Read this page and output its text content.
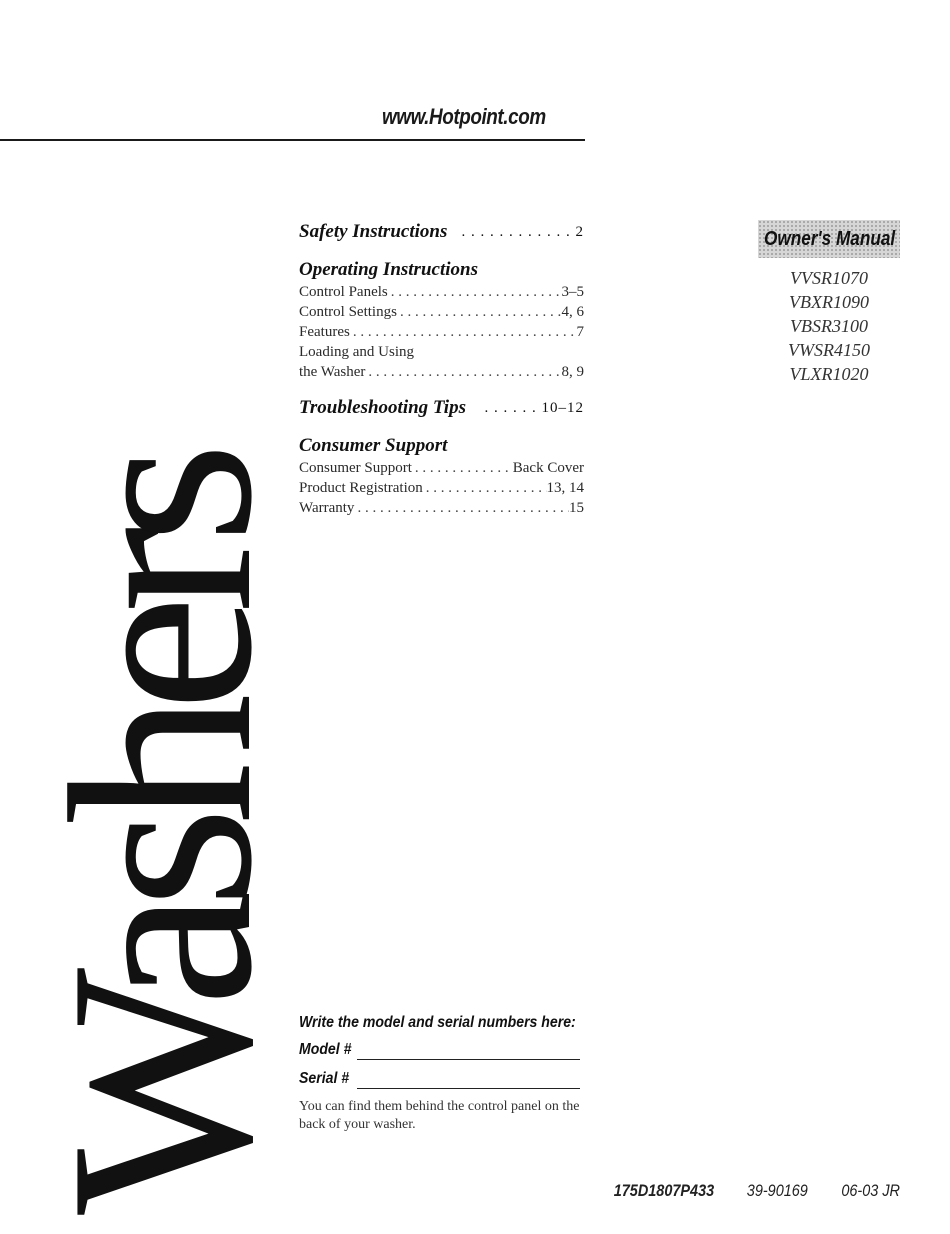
www.Hotpoint.com
Washers
Safety Instructions . . . . . . . . . . . . 2
Operating Instructions
Control Panels . . .	3–5
Control Settings . . .	4, 6
Features . . .	7
Loading and Using
the Washer . . .	8, 9
Troubleshooting Tips . . . . . . 10–12
Consumer Support
Consumer Support . . .	Back Cover
Product Registration . . .	13, 14
Warranty . . .	15
Owner's Manual
VVSR1070
VBXR1090
VBSR3100
VWSR4150
VLXR1020
Write the model and serial numbers here:
Model #
Serial #
You can find them behind the control panel on the back of your washer.
175D1807P433 39-90169 06-03 JR
